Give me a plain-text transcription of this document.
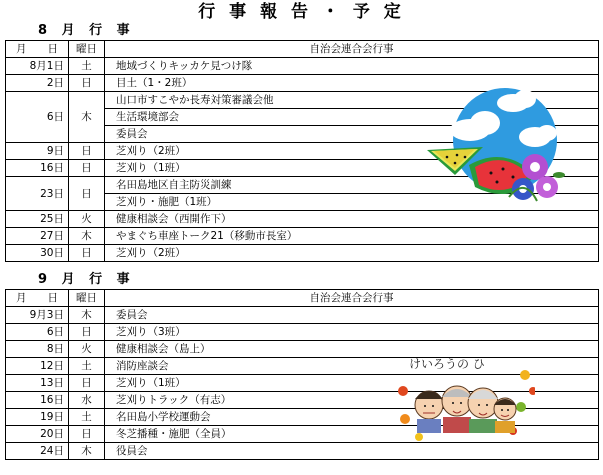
行 事 報 告 ・ 予 定
8 月 行 事
月　　日	曜日	自治会連合会行事
8月1日	土	地域づくりキッカケ見つけ隊
2日	日	目土（1・2班）
6日	木	山口市すこやか長寿対策審議会他
		生活環境部会
		委員会
9日	日	芝刈り（2班）
16日	日	芝刈り（1班）
23日	日	名田島地区自主防災訓練
		芝刈り・施肥（1班）
25日	火	健康相談会（西開作下）
27日	木	やまぐち車座トーク21（移動市長室）
30日	日	芝刈り（2班）
9 月 行 事
月　　日	曜日	自治会連合会行事
9月3日	木	委員会
6日	日	芝刈り（3班）
8日	火	健康相談会（島上）
12日	土	消防座談会
13日	日	芝刈り（1班）
16日	水	芝刈りトラック（有志）
19日	土	名田島小学校運動会
20日	日	冬芝播種・施肥（全員）
24日	木	役員会
けいろうの ひ
